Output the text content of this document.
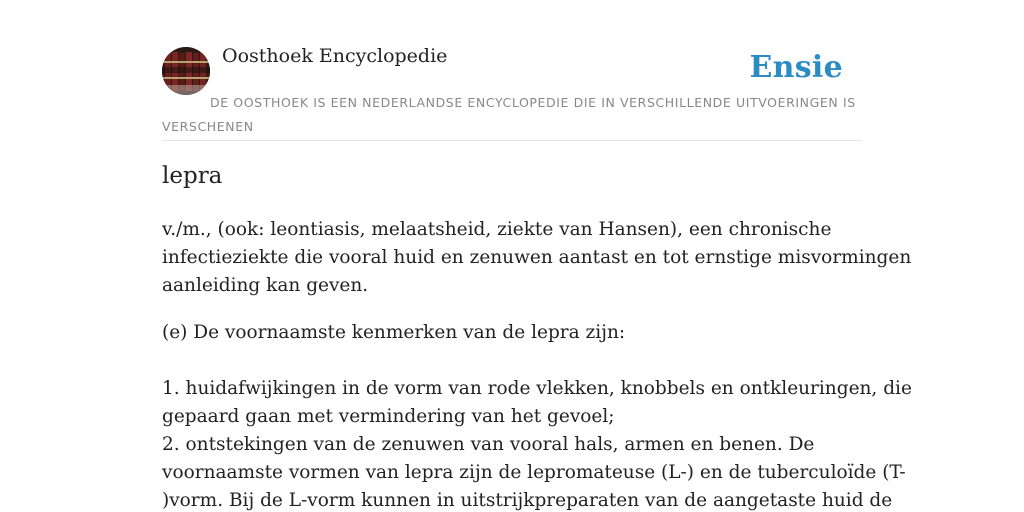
Oosthoek Encyclopedie	Ensie
DE OOSTHOEK IS EEN NEDERLANDSE ENCYCLOPEDIE DIE IN VERSCHILLENDE UITVOERINGEN IS VERSCHENEN
lepra

v./m., (ook: leontiasis, melaatsheid, ziekte van Hansen), een chronische
infectieziekte die vooral huid en zenuwen aantast en tot ernstige misvormingen
aanleiding kan geven.

(e) De voornaamste kenmerken van de lepra zijn:

1. huidafwijkingen in de vorm van rode vlekken, knobbels en ontkleuringen, die
gepaard gaan met vermindering van het gevoel;
2. ontstekingen van de zenuwen van vooral hals, armen en benen. De
voornaamste vormen van lepra zijn de lepromateuse (L-) en de tuberculoïde (T-
)vorm. Bij de L-vorm kunnen in uitstrijkpreparaten van de aangetaste huid de
